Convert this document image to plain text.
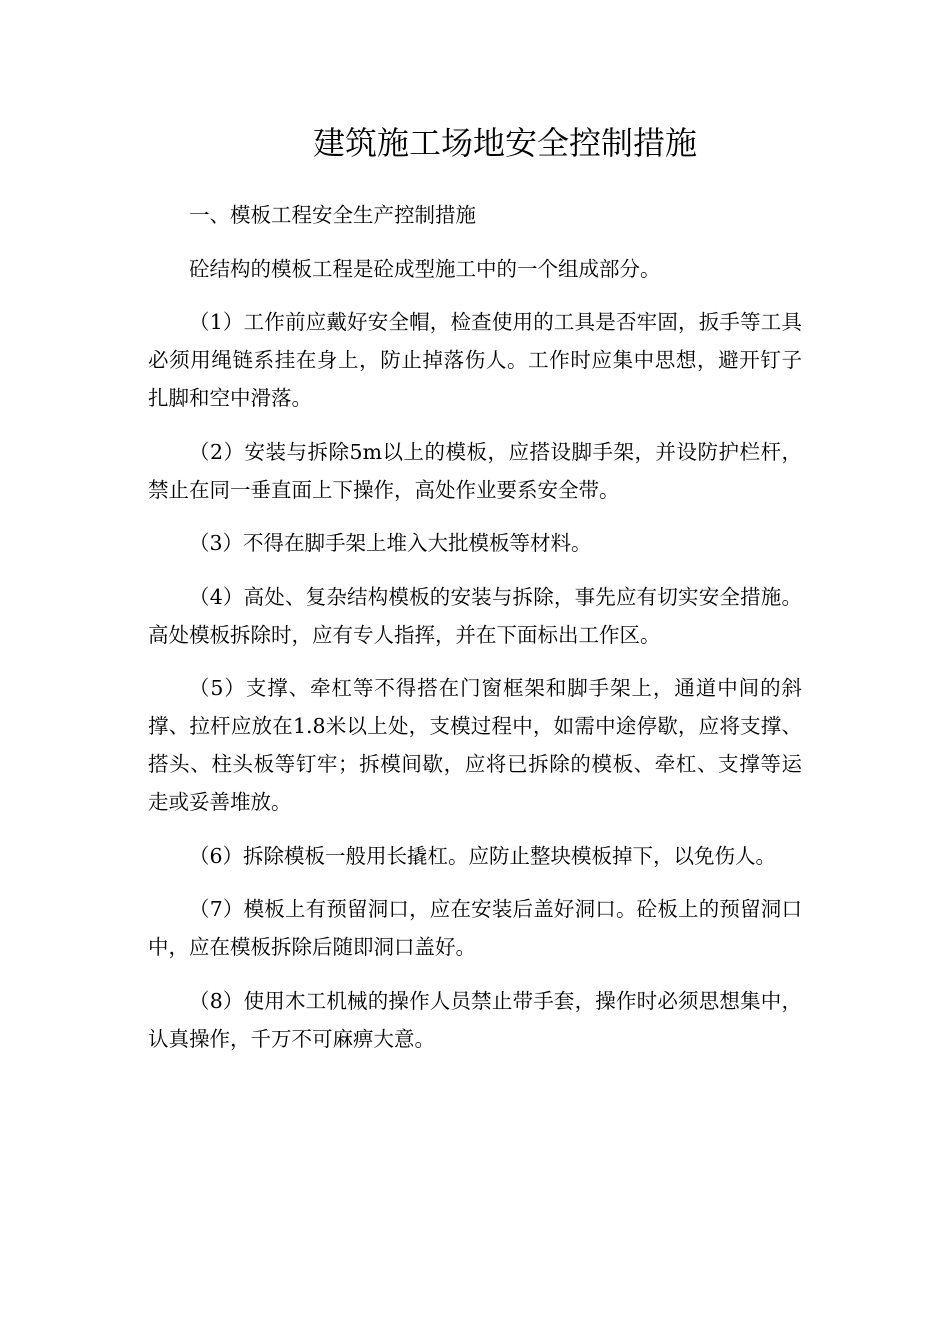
建筑施工场地安全控制措施

一、模板工程安全生产控制措施

砼结构的模板工程是砼成型施工中的一个组成部分。

（1）工作前应戴好安全帽，检查使用的工具是否牢固，扳手等工具必须用绳链系挂在身上，防止掉落伤人。工作时应集中思想，避开钉子扎脚和空中滑落。

（2）安装与拆除5m以上的模板，应搭设脚手架，并设防护栏杆，禁止在同一垂直面上下操作，高处作业要系安全带。

（3）不得在脚手架上堆入大批模板等材料。

（4）高处、复杂结构模板的安装与拆除，事先应有切实安全措施。高处模板拆除时，应有专人指挥，并在下面标出工作区。

（5）支撑、牵杠等不得搭在门窗框架和脚手架上，通道中间的斜撑、拉杆应放在1.8米以上处，支模过程中，如需中途停歇，应将支撑、搭头、柱头板等钉牢；拆模间歇，应将已拆除的模板、牵杠、支撑等运走或妥善堆放。

（6）拆除模板一般用长撬杠。应防止整块模板掉下，以免伤人。

（7）模板上有预留洞口，应在安装后盖好洞口。砼板上的预留洞口中，应在模板拆除后随即洞口盖好。

（8）使用木工机械的操作人员禁止带手套，操作时必须思想集中，认真操作，千万不可麻痹大意。
